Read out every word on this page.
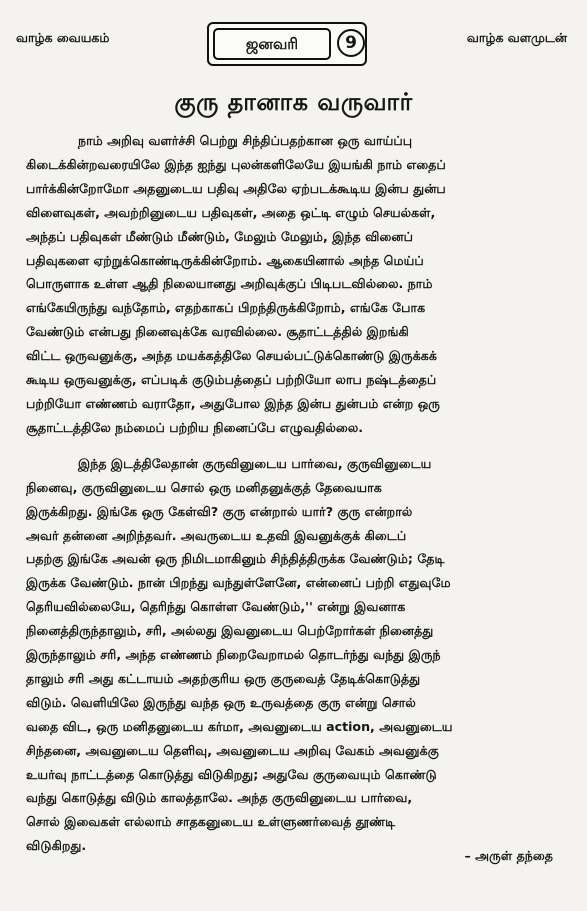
வாழ்க வையகம்	ஜனவரி	9	வாழ்க வளமுடன்
குரு தானாக வருவார்

நாம் அறிவு வளர்ச்சி பெற்று சிந்திப்பதற்கான ஒரு வாய்ப்பு
கிடைக்கின்றவரையிலே இந்த ஐந்து புலன்களிலேயே இயங்கி நாம் எதைப்
பார்க்கின்றோமோ அதனுடைய பதிவு அதிலே ஏற்படக்கூடிய இன்ப துன்ப
விளைவுகள், அவற்றினுடைய பதிவுகள், அதை ஒட்டி எழும் செயல்கள்,
அந்தப் பதிவுகள் மீண்டும் மீண்டும், மேலும் மேலும், இந்த வினைப்
பதிவுகளை ஏற்றுக்கொண்டிருக்கின்றோம். ஆகையினால் அந்த மெய்ப்
பொருளாக உள்ள ஆதி நிலையானது அறிவுக்குப் பிடிபடவில்லை. நாம்
எங்கேயிருந்து வந்தோம், எதற்காகப் பிறந்திருக்கிறோம், எங்கே போக
வேண்டும் என்பது நினைவுக்கே வரவில்லை. சூதாட்டத்தில் இறங்கி
விட்ட ஒருவனுக்கு, அந்த மயக்கத்திலே செயல்பட்டுக்கொண்டு இருக்கக்
கூடிய ஒருவனுக்கு, எப்படிக் குடும்பத்தைப் பற்றியோ லாப நஷ்டத்தைப்
பற்றியோ எண்ணம் வராதோ, அதுபோல இந்த இன்ப துன்பம் என்ற ஒரு
சூதாட்டத்திலே நம்மைப் பற்றிய நினைப்பே எழுவதில்லை.

இந்த இடத்திலேதான் குருவினுடைய பார்வை, குருவினுடைய
நினைவு, குருவினுடைய சொல் ஒரு மனிதனுக்குத் தேவையாக
இருக்கிறது. இங்கே ஒரு கேள்வி? குரு என்றால் யார்? குரு என்றால்
அவர் தன்னை அறிந்தவர். அவருடைய உதவி இவனுக்குக் கிடைப்
பதற்கு இங்கே அவன் ஒரு நிமிடமாகினும் சிந்தித்திருக்க வேண்டும்; தேடி
இருக்க வேண்டும். நான் பிறந்து வந்துள்ளேனே, என்னைப் பற்றி எதுவுமே
தெரியவில்லையே, தெரிந்து கொள்ள வேண்டும்,'' என்று இவனாக
நினைத்திருந்தாலும், சரி, அல்லது இவனுடைய பெற்றோர்கள் நினைத்து
இருந்தாலும் சரி, அந்த எண்ணம் நிறைவேறாமல் தொடர்ந்து வந்து இருந்
தாலும் சரி அது கட்டாயம் அதற்குரிய ஒரு குருவைத் தேடிக்கொடுத்து
விடும். வெளியிலே இருந்து வந்த ஒரு உருவத்தை குரு என்று சொல்
வதை விட, ஒரு மனிதனுடைய கர்மா, அவனுடைய action, அவனுடைய
சிந்தனை, அவனுடைய தெளிவு, அவனுடைய அறிவு வேகம் அவனுக்கு
உயர்வு நாட்டத்தை கொடுத்து விடுகிறது; அதுவே குருவையும் கொண்டு
வந்து கொடுத்து விடும் காலத்தாலே. அந்த குருவினுடைய பார்வை,
சொல் இவைகள் எல்லாம் சாதகனுடைய உள்ளுணர்வைத் தூண்டி
விடுகிறது.

– அருள் தந்தை
